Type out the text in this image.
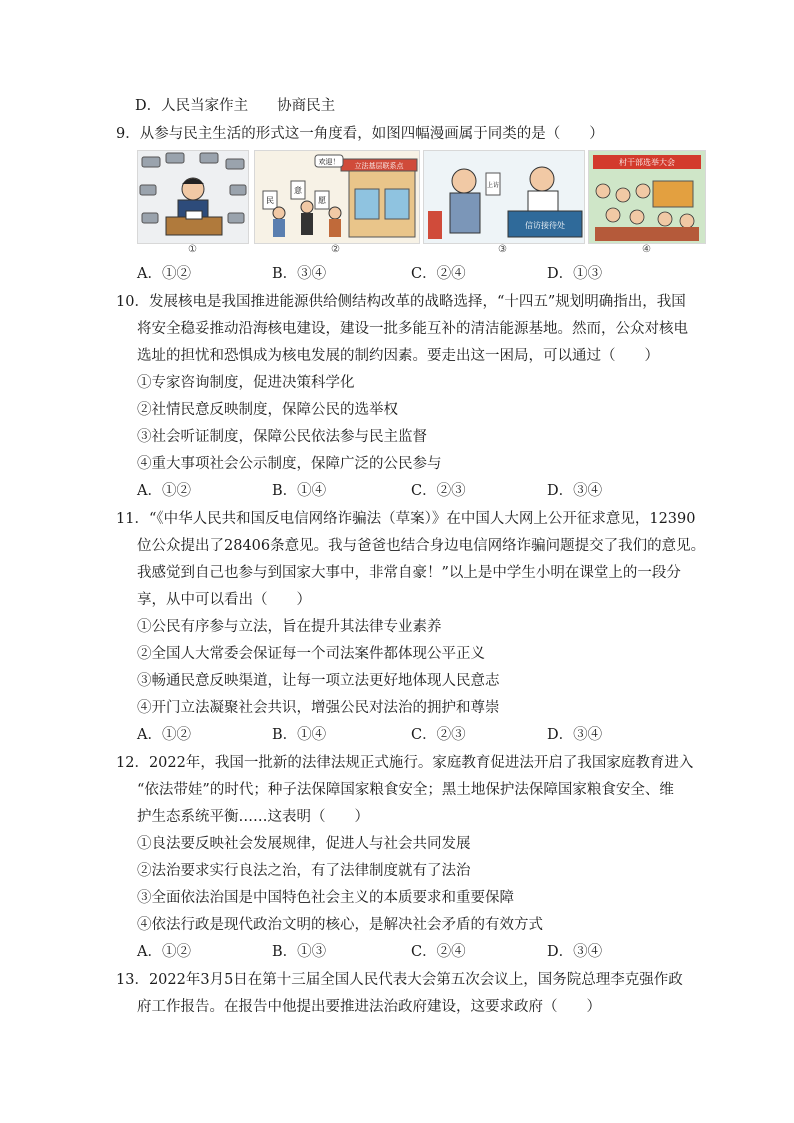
D．人民当家作主　　协商民主
9．从参与民主生活的形式这一角度看，如图四幅漫画属于同类的是（　　）
①
立法基层联系点
欢迎！
民
意
愿
②
上访
信访接待处
③
村干部选举大会
④
A．①②	B．③④	C．②④	D．①③
10．发展核电是我国推进能源供给侧结构改革的战略选择，“十四五”规划明确指出，我国
将安全稳妥推动沿海核电建设，建设一批多能互补的清洁能源基地。然而，公众对核电
选址的担忧和恐惧成为核电发展的制约因素。要走出这一困局，可以通过（　　）
①专家咨询制度，促进决策科学化
②社情民意反映制度，保障公民的选举权
③社会听证制度，保障公民依法参与民主监督
④重大事项社会公示制度，保障广泛的公民参与
A．①②	B．①④	C．②③	D．③④
11．“《中华人民共和国反电信网络诈骗法（草案）》在中国人大网上公开征求意见，12390
位公众提出了28406条意见。我与爸爸也结合身边电信网络诈骗问题提交了我们的意见。
我感觉到自己也参与到国家大事中，非常自豪！”以上是中学生小明在课堂上的一段分
享，从中可以看出（　　）
①公民有序参与立法，旨在提升其法律专业素养
②全国人大常委会保证每一个司法案件都体现公平正义
③畅通民意反映渠道，让每一项立法更好地体现人民意志
④开门立法凝聚社会共识，增强公民对法治的拥护和尊崇
A．①②	B．①④	C．②③	D．③④
12．2022年，我国一批新的法律法规正式施行。家庭教育促进法开启了我国家庭教育进入
“依法带娃”的时代；种子法保障国家粮食安全；黑土地保护法保障国家粮食安全、维
护生态系统平衡……这表明（　　）
①良法要反映社会发展规律，促进人与社会共同发展
②法治要求实行良法之治，有了法律制度就有了法治
③全面依法治国是中国特色社会主义的本质要求和重要保障
④依法行政是现代政治文明的核心，是解决社会矛盾的有效方式
A．①②	B．①③	C．②④	D．③④
13．2022年3月5日在第十三届全国人民代表大会第五次会议上，国务院总理李克强作政
府工作报告。在报告中他提出要推进法治政府建设，这要求政府（　　）
